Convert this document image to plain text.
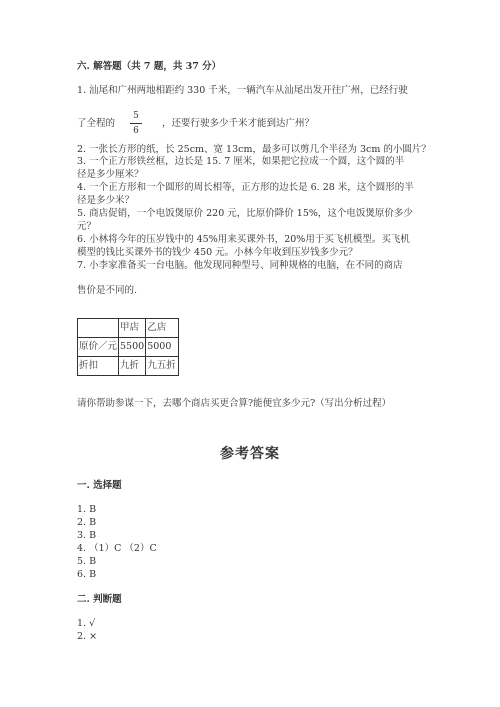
六. 解答题（共 7 题，共 37 分）
1. 汕尾和广州两地相距约 330 千米，一辆汽车从汕尾出发开往广州，已经行驶
了全程的 $\frac{5}{6}$ ，还要行驶多少千米才能到达广州？
2. 一张长方形的纸，长 25cm、宽 13cm，最多可以剪几个半径为 3cm 的小圆片？
3. 一个正方形铁丝框，边长是 15. 7 厘米，如果把它拉成一个圆，这个圆的半
径是多少厘米？
4. 一个正方形和一个圆形的周长相等，正方形的边长是 6. 28 米，这个圆形的半
径是多少米？
5. 商店促销，一个电饭煲原价 220 元，比原价降价 15%，这个电饭煲原价多少
元？
6. 小林将今年的压岁钱中的 45%用来买课外书，20%用于买飞机模型。买飞机
模型的钱比买课外书的钱少 450 元。小林今年收到压岁钱多少元？
7. 小李家准备买一台电脑。他发现同种型号、同种规格的电脑，在不同的商店
售价是不同的.
	甲店	乙店
原价／元	5500	5000
折扣	九折	九五折
请你帮助参谋一下，去哪个商店买更合算?能便宜多少元?（写出分析过程）
参考答案
一. 选择题
1. B
2. B
3. B
4. （1）C （2）C
5. B
6. B
二. 判断题
1. √
2. ×
